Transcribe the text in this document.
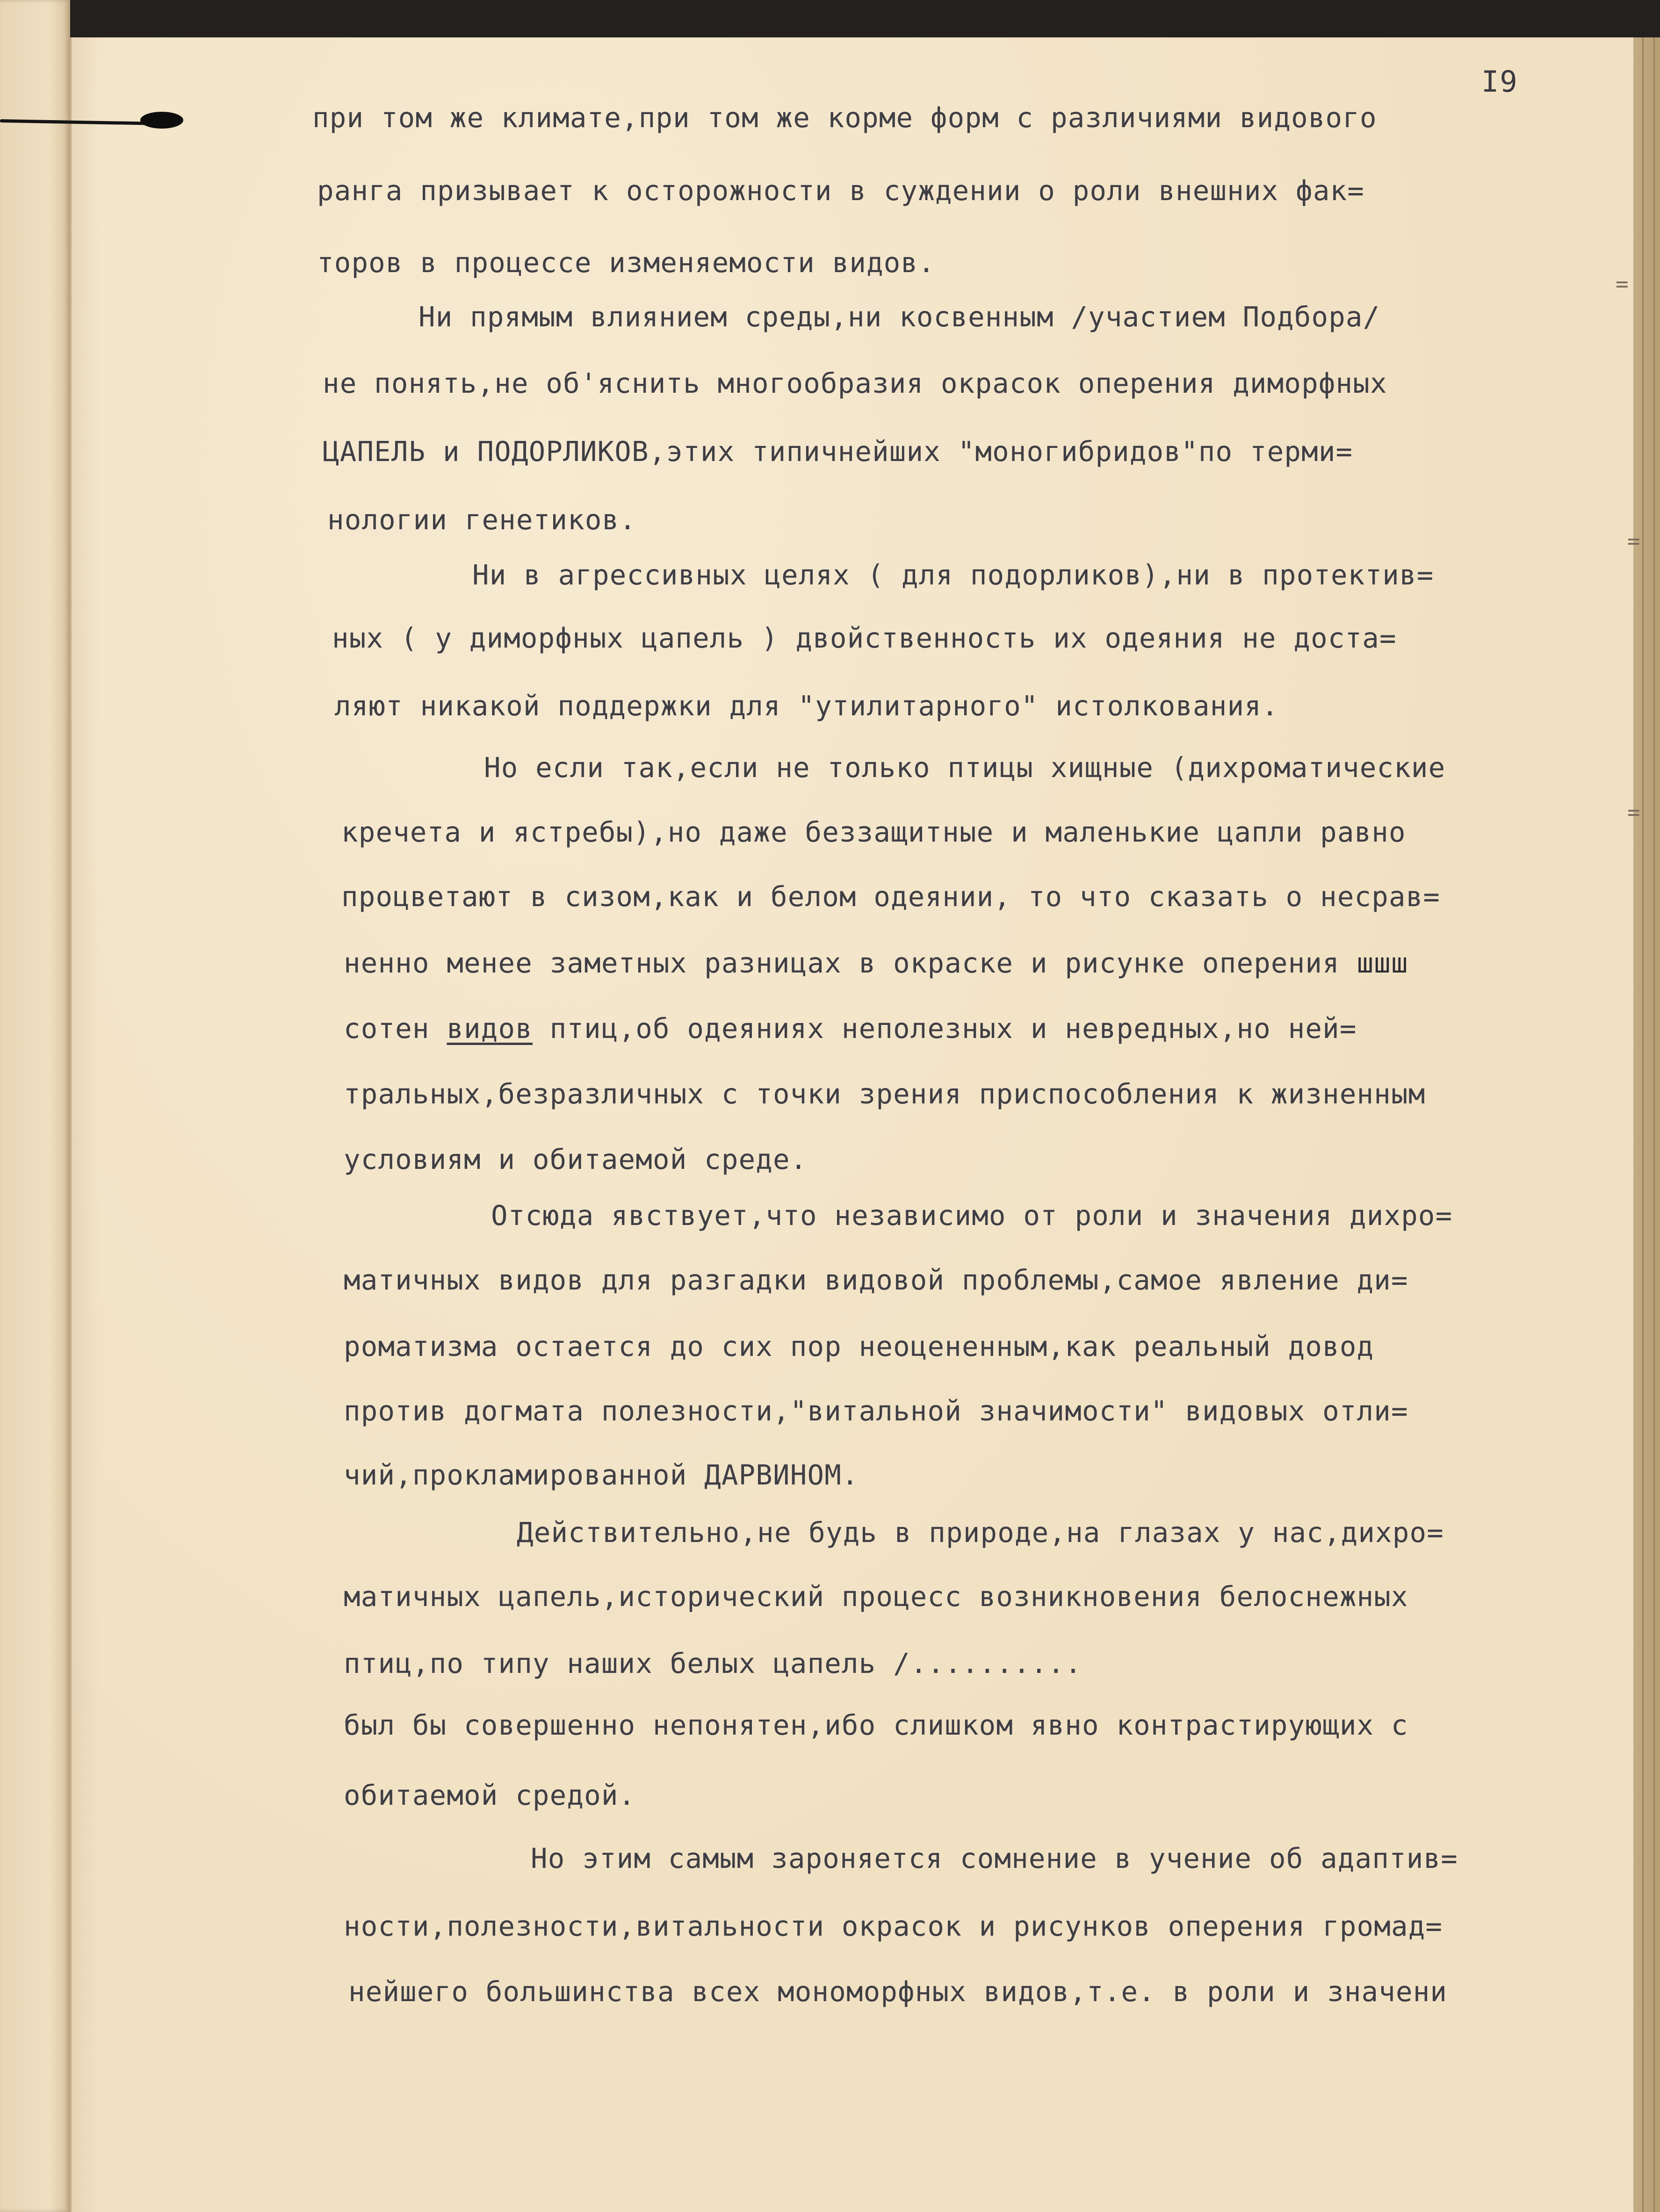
I9
при том же климате,при том же корме форм с различиями видового
ранга призывает к осторожности в суждении о роли внешних фак=
торов в процессе изменяемости видов.
Ни прямым влиянием среды,ни косвенным /участием Подбора/
не понять,не об'яснить многообразия окрасок оперения диморфных
ЦАПЕЛЬ и ПОДОРЛИКОВ,этих типичнейших "моногибридов"по терми=
нологии генетиков.
Ни в агрессивных целях ( для подорликов),ни в протектив=
ных ( у диморфных цапель ) двойственность их одеяния не доста=
ляют никакой поддержки для "утилитарного" истолкования.
Но если так,если не только птицы хищные (дихроматические
кречета и ястребы),но даже беззащитные и маленькие цапли равно
процветают в сизом,как и белом одеянии, то что сказать о несрав=
ненно менее заметных разницах в окраске и рисунке оперения шшш
сотен видов птиц,об одеяниях неполезных и невредных,но ней=
тральных,безразличных с точки зрения приспособления к жизненным
условиям и обитаемой среде.
Отсюда явствует,что независимо от роли и значения дихро=
матичных видов для разгадки видовой проблемы,самое явление ди=
роматизма остается до сих пор неоцененным,как реальный довод
против догмата полезности,"витальной значимости" видовых отли=
чий,прокламированной ДАРВИНОМ.
Действительно,не будь в природе,на глазах у нас,дихро=
матичных цапель,исторический процесс возникновения белоснежных
птиц,по типу наших белых цапель /..........
был бы совершенно непонятен,ибо слишком явно контрастирующих с
обитаемой средой.
Но этим самым зароняется сомнение в учение об адаптив=
ности,полезности,витальности окрасок и рисунков оперения громад=
нейшего большинства всех мономорфных видов,т.е. в роли и значени
=
=
=
